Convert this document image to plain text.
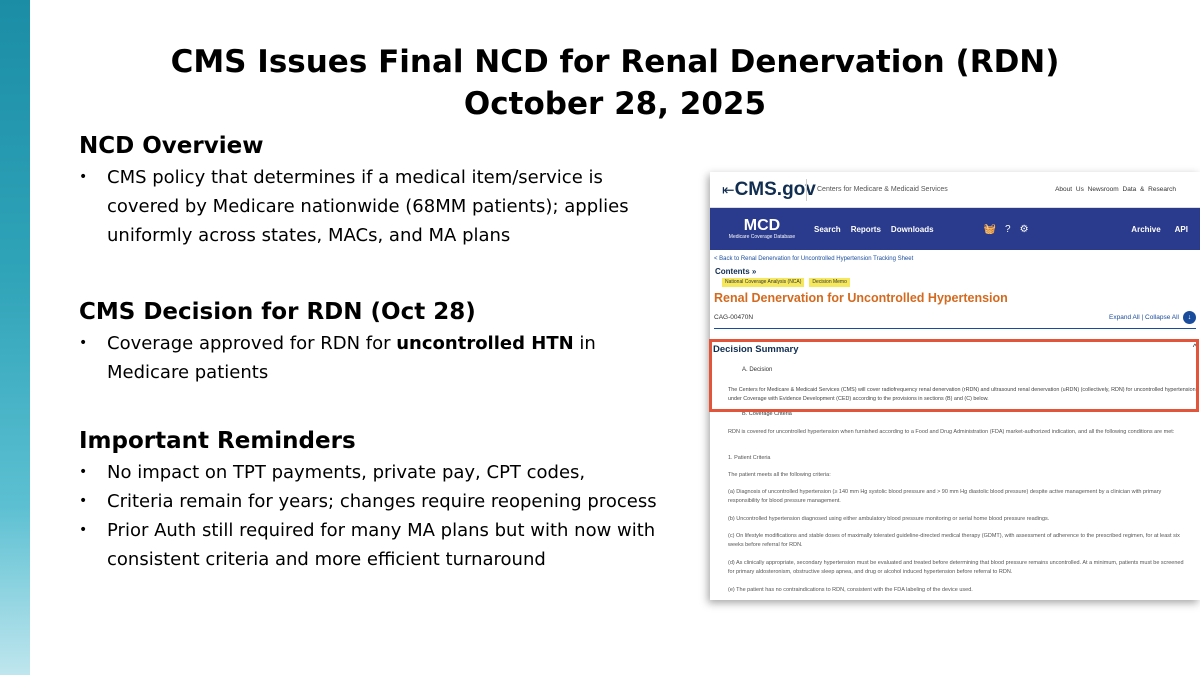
CMS Issues Final NCD for Renal Denervation (RDN)
October 28, 2025
NCD Overview
• CMS policy that determines if a medical item/service is covered by Medicare nationwide (68MM patients); applies uniformly across states, MACs, and MA plans
CMS Decision for RDN (Oct 28)
• Coverage approved for RDN for uncontrolled HTN in Medicare patients
Important Reminders
• No impact on TPT payments, private pay, CPT codes,
• Criteria remain for years; changes require reopening process
• Prior Auth still required for many MA plans but with now with consistent criteria and more efficient turnaround
⇤CMS.gov Centers for Medicare & Medicaid Services	About Us Newsroom Data & Research
MCD
Medicare Coverage Database
Search Reports Downloads	🧺 ? ⚙	Archive API
< Back to Renal Denervation for Uncontrolled Hypertension Tracking Sheet
Contents »
National Coverage Analysis (NCA)	Decision Memo
Renal Denervation for Uncontrolled Hypertension
CAG-00470N	Expand All | Collapse All	↓
Decision Summary	^
A. Decision
The Centers for Medicare & Medicaid Services (CMS) will cover radiofrequency renal denervation (rRDN) and ultrasound renal denervation (uRDN) (collectively, RDN) for uncontrolled hypertension under Coverage with Evidence Development (CED) according to the provisions in sections (B) and (C) below.
B. Coverage Criteria
RDN is covered for uncontrolled hypertension when furnished according to a Food and Drug Administration (FDA) market-authorized indication, and all the following conditions are met:
1. Patient Criteria
The patient meets all the following criteria:
(a) Diagnosis of uncontrolled hypertension (≥ 140 mm Hg systolic blood pressure and > 90 mm Hg diastolic blood pressure) despite active management by a clinician with primary responsibility for blood pressure management.
(b) Uncontrolled hypertension diagnosed using either ambulatory blood pressure monitoring or serial home blood pressure readings.
(c) On lifestyle modifications and stable doses of maximally tolerated guideline-directed medical therapy (GDMT), with assessment of adherence to the prescribed regimen, for at least six weeks before referral for RDN.
(d) As clinically appropriate, secondary hypertension must be evaluated and treated before determining that blood pressure remains uncontrolled. At a minimum, patients must be screened for primary aldosteronism, obstructive sleep apnea, and drug or alcohol induced hypertension before referral to RDN.
(e) The patient has no contraindications to RDN, consistent with the FDA labeling of the device used.
